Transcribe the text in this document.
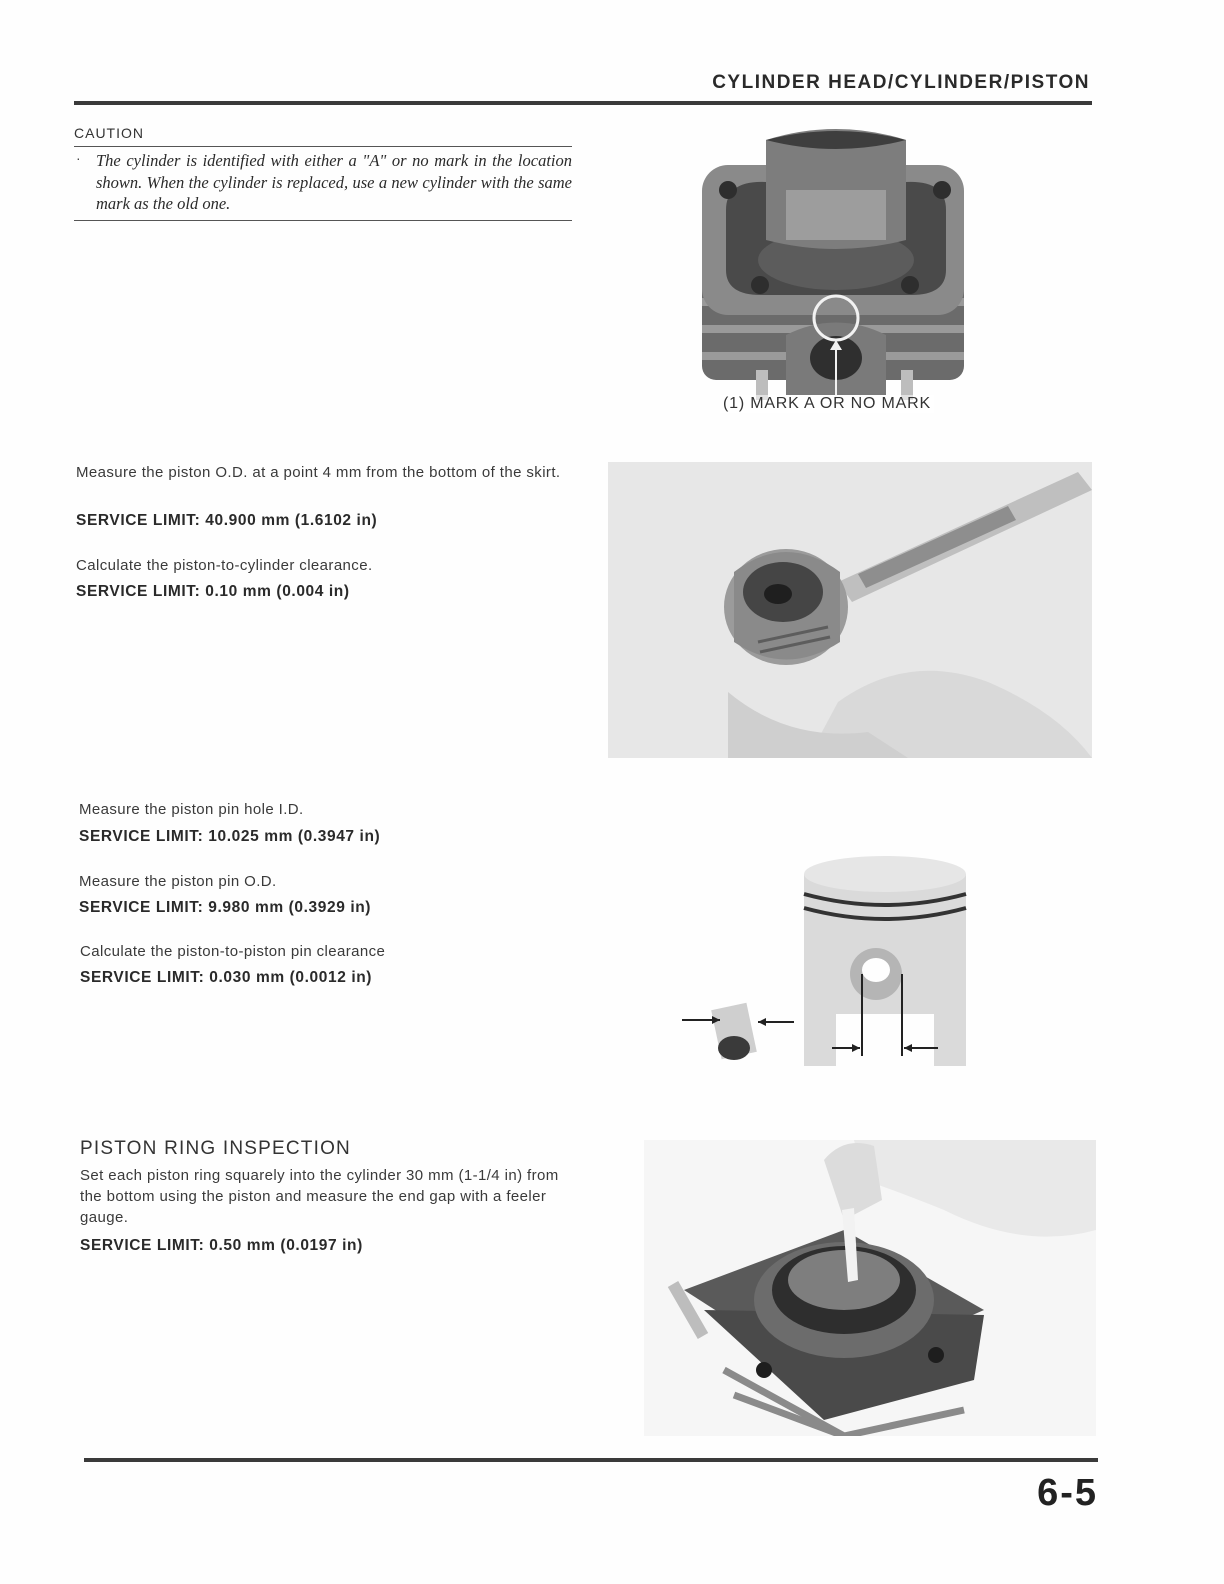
CYLINDER HEAD/CYLINDER/PISTON
CAUTION
· The cylinder is identified with either a "A" or no mark in the location shown. When the cylinder is replaced, use a new cylinder with the same mark as the old one.
(1) MARK A OR NO MARK
Measure the piston O.D. at a point 4 mm from the bottom of the skirt.
SERVICE LIMIT: 40.900 mm (1.6102 in)
Calculate the piston-to-cylinder clearance.
SERVICE LIMIT: 0.10 mm (0.004 in)
Measure the piston pin hole I.D.
SERVICE LIMIT: 10.025 mm (0.3947 in)
Measure the piston pin O.D.
SERVICE LIMIT: 9.980 mm (0.3929 in)
Calculate the piston-to-piston pin clearance
SERVICE LIMIT: 0.030 mm (0.0012 in)
PISTON RING INSPECTION
Set each piston ring squarely into the cylinder 30 mm (1-1/4 in) from the bottom using the piston and measure the end gap with a feeler gauge.
SERVICE LIMIT: 0.50 mm (0.0197 in)
6-5
